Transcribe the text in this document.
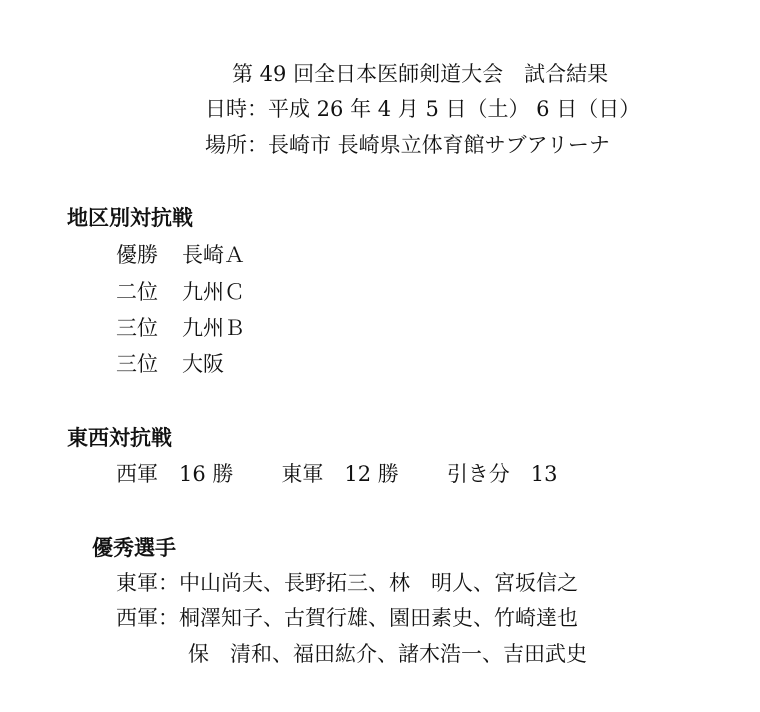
第 49 回全日本医師剣道大会　試合結果
日時：平成 26 年 4 月 5 日（土） 6 日（日）
場所：長崎市 長崎県立体育館サブアリーナ
地区別対抗戦
優勝 長崎Ａ
二位 九州Ｃ
三位 九州Ｂ
三位 大阪
東西対抗戦
西軍　16 勝 東軍　12 勝 引き分　13
優秀選手
東軍：中山尚夫、長野拓三、林　明人、宮坂信之
西軍：桐澤知子、古賀行雄、園田素史、竹崎達也
保　清和、福田紘介、諸木浩一、吉田武史
